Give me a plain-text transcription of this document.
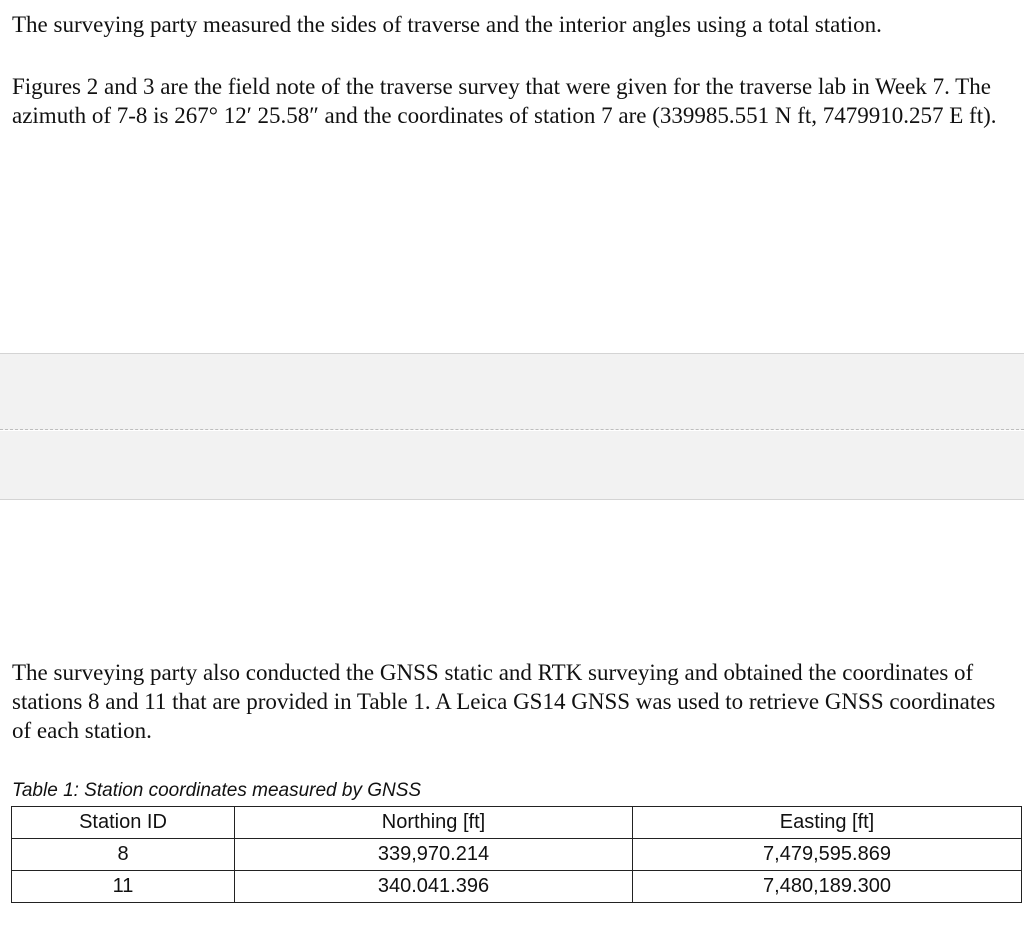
The surveying party measured the sides of traverse and the interior angles using a total station.

Figures 2 and 3 are the field note of the traverse survey that were given for the traverse lab in Week 7. The azimuth of 7-8 is 267° 12′ 25.58″ and the coordinates of station 7 are (339985.551 N ft, 7479910.257 E ft).

The surveying party also conducted the GNSS static and RTK surveying and obtained the coordinates of stations 8 and 11 that are provided in Table 1. A Leica GS14 GNSS was used to retrieve GNSS coordinates of each station.

Table 1: Station coordinates measured by GNSS
Station ID	Northing [ft]	Easting [ft]
8	339,970.214	7,479,595.869
11	340.041.396	7,480,189.300
